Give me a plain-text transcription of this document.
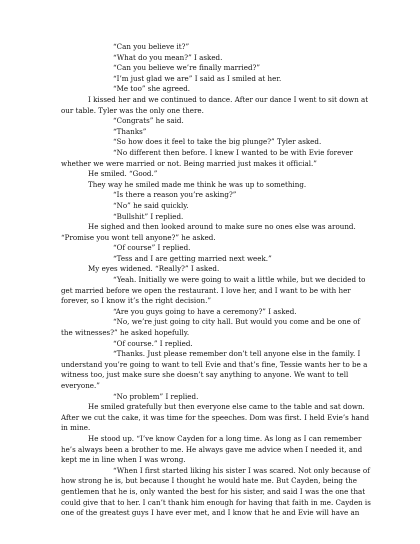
“Can you believe it?”
“What do you mean?” I asked.
“Can you believe we’re finally married?”
“I’m just glad we are” I said as I smiled at her.
“Me too” she agreed.
I kissed her and we continued to dance. After our dance I went to sit down at
our table. Tyler was the only one there.
“Congrats” he said.
“Thanks”
“So how does it feel to take the big plunge?” Tyler asked.
“No different then before. I knew I wanted to be with Evie forever
whether we were married or not. Being married just makes it official.”
He smiled. “Good.”
They way he smiled made me think he was up to something.
“Is there a reason you’re asking?”
“No” he said quickly.
“Bullshit” I replied.
He sighed and then looked around to make sure no ones else was around.
“Promise you wont tell anyone?” he asked.
“Of course” I replied.
“Tess and I are getting married next week.”
My eyes widened. “Really?” I asked.
“Yeah. Initially we were going to wait a little while, but we decided to
get married before we open the restaurant. I love her, and I want to be with her
forever, so I know it’s the right decision.”
“Are you guys going to have a ceremony?” I asked.
“No, we’re just going to city hall. But would you come and be one of
the witnesses?” he asked hopefully.
“Of course.” I replied.
“Thanks. Just please remember don’t tell anyone else in the family. I
understand you’re going to want to tell Evie and that’s fine, Tessie wants her to be a
witness too, just make sure she doesn’t say anything to anyone. We want to tell
everyone.”
“No problem” I replied.
He smiled gratefully but then everyone else came to the table and sat down.
After we cut the cake, it was time for the speeches. Dom was first. I held Evie’s hand
in mine.
He stood up. “I’ve know Cayden for a long time. As long as I can remember
he’s always been a brother to me. He always gave me advice when I needed it, and
kept me in line when I was wrong.
“When I first started liking his sister I was scared. Not only because of
how strong he is, but because I thought he would hate me. But Cayden, being the
gentlemen that he is, only wanted the best for his sister, and said I was the one that
could give that to her. I can’t thank him enough for having that faith in me. Cayden is
one of the greatest guys I have ever met, and I know that he and Evie will have an
